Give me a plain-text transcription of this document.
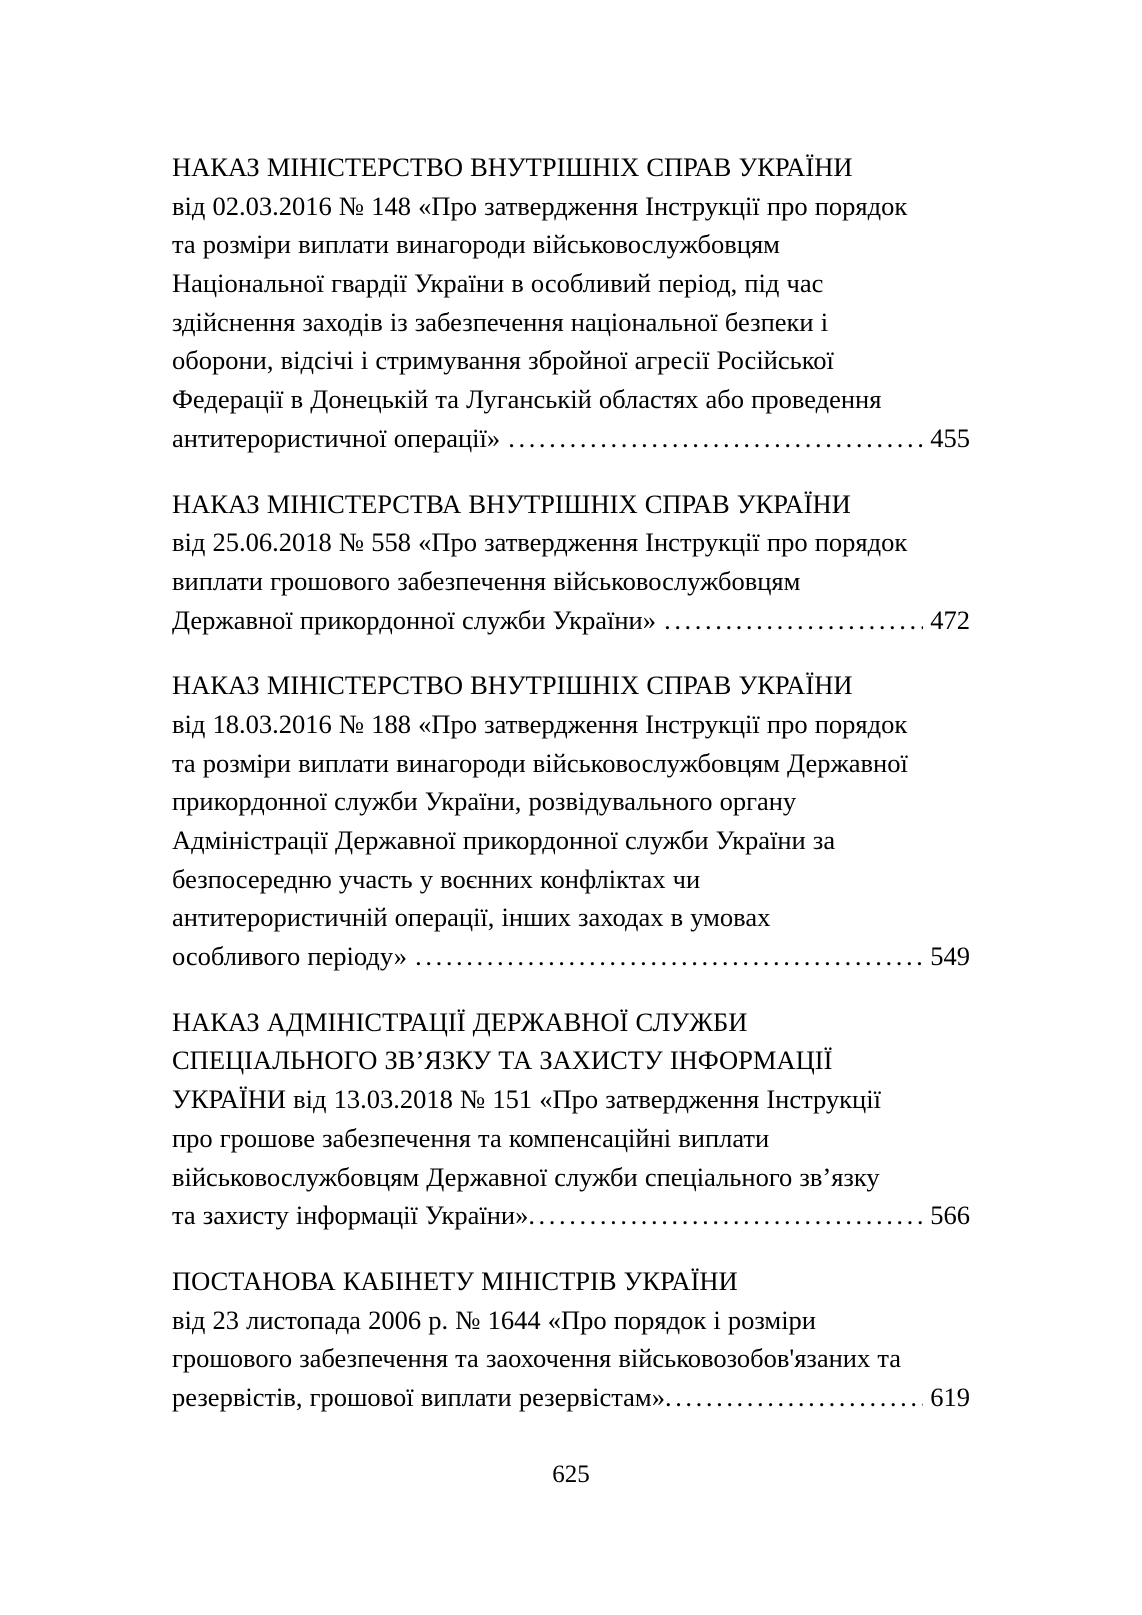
НАКАЗ МІНІСТЕРСТВО ВНУТРІШНІХ СПРАВ УКРАЇНИ
від 02.03.2016 № 148 «Про затвердження Інструкції про порядок
та розміри виплати винагороди військовослужбовцям
Національної гвардії України в особливий період, під час
здійснення заходів із забезпечення національної безпеки і
оборони, відсічі і стримування збройної агресії Російської
Федерації в Донецькій та Луганській областях або проведення
антитерористичної операції» .....	455
НАКАЗ МІНІСТЕРСТВА ВНУТРІШНІХ СПРАВ УКРАЇНИ
від 25.06.2018 № 558 «Про затвердження Інструкції про порядок
виплати грошового забезпечення військовослужбовцям
Державної прикордонної служби України» .....	472
НАКАЗ МІНІСТЕРСТВО ВНУТРІШНІХ СПРАВ УКРАЇНИ
від 18.03.2016 № 188 «Про затвердження Інструкції про порядок
та розміри виплати винагороди військовослужбовцям Державної
прикордонної служби України, розвідувального органу
Адміністрації Державної прикордонної служби України за
безпосередню участь у воєнних конфліктах чи
антитерористичній операції, інших заходах в умовах
особливого періоду» .....	549
НАКАЗ АДМІНІСТРАЦІЇ ДЕРЖАВНОЇ СЛУЖБИ
СПЕЦІАЛЬНОГО ЗВ’ЯЗКУ ТА ЗАХИСТУ ІНФОРМАЦІЇ
УКРАЇНИ від 13.03.2018 № 151 «Про затвердження Інструкції
про грошове забезпечення та компенсаційні виплати
військовослужбовцям Державної служби спеціального зв’язку
та захисту інформації України» .....	566
ПОСТАНОВА КАБІНЕТУ МІНІСТРІВ УКРАЇНИ
від 23 листопада 2006 р. № 1644 «Про порядок і розміри
грошового забезпечення та заохочення військовозобов'язаних та
резервістів, грошової виплати резервістам» .....	619
625
